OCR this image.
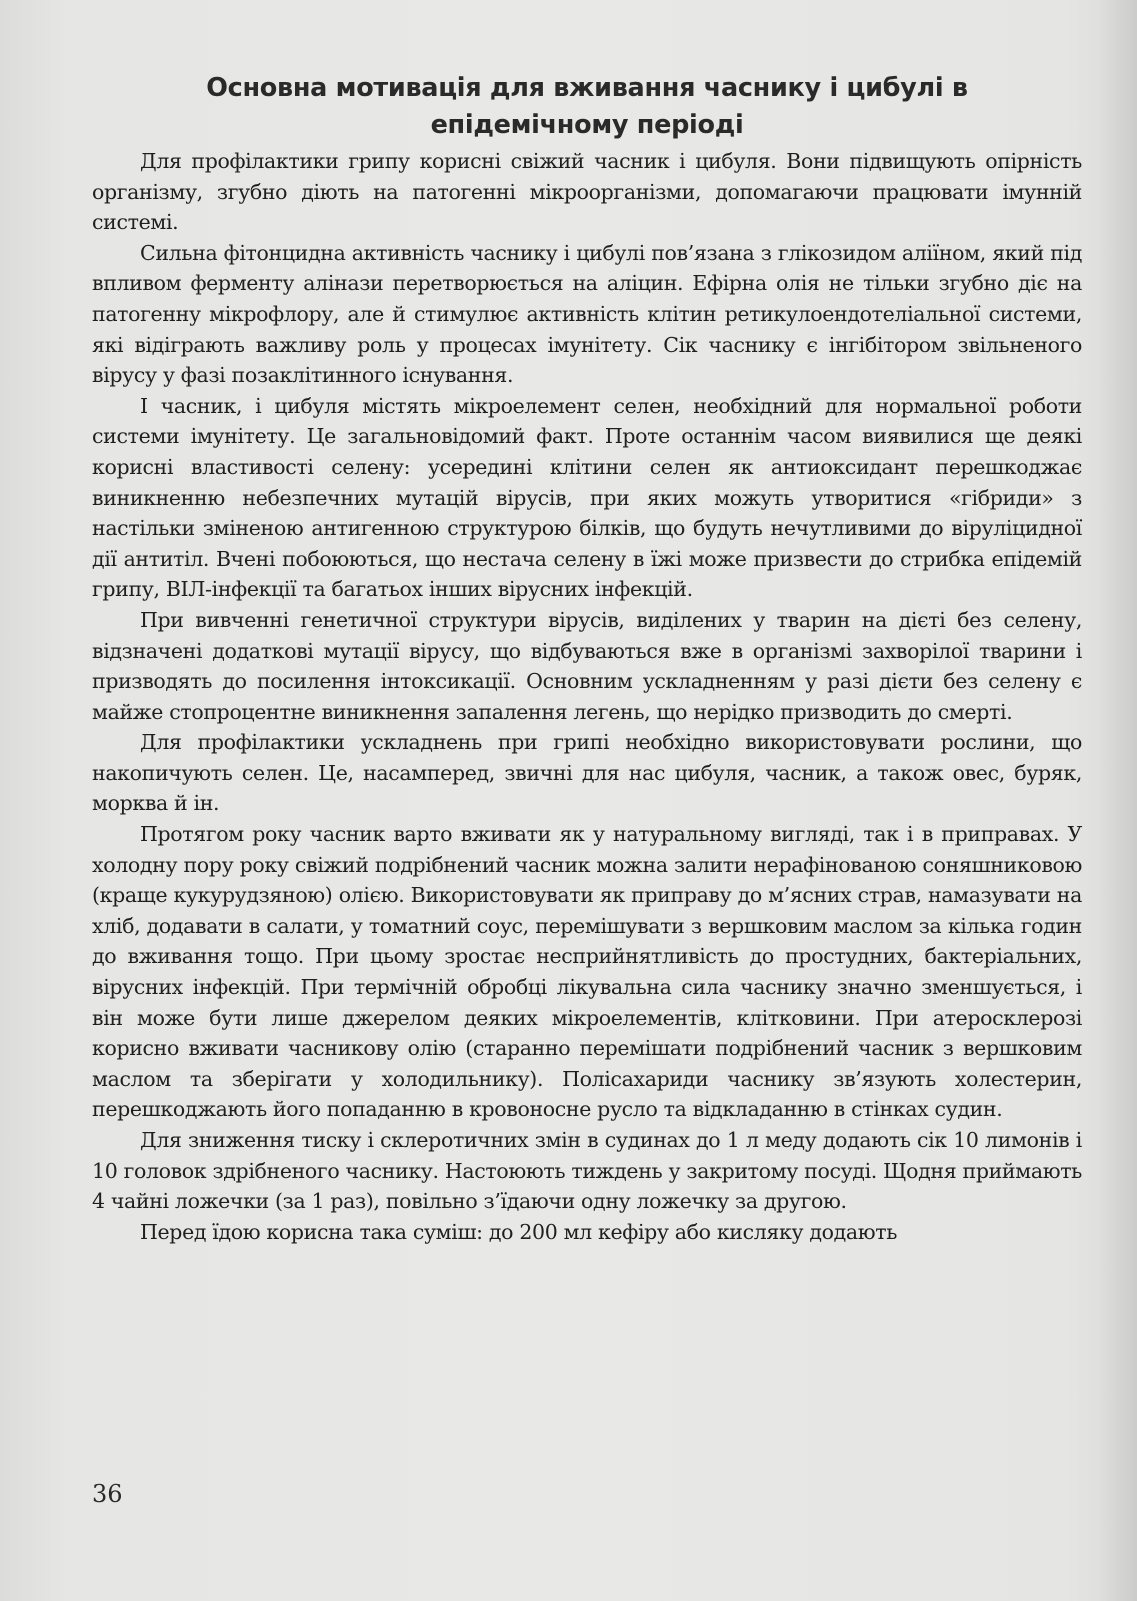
Основна мотивація для вживання часнику і цибулі в
епідемічному періоді

Для профілактики грипу корисні свіжий часник і цибуля. Вони підвищують опірність організму, згубно діють на патогенні мікроорганізми, допомагаючи працювати імунній системі.

Сильна фітонцидна активність часнику і цибулі пов’язана з глікозидом аліїном, який під впливом ферменту алінази перетворюється на аліцин. Ефірна олія не тільки згубно діє на патогенну мікрофлору, але й стимулює активність клітин ретикулоендотеліальної системи, які відіграють важливу роль у процесах імунітету. Сік часнику є інгібітором звільненого вірусу у фазі позаклітинного існування.

І часник, і цибуля містять мікроелемент селен, необхідний для нормальної роботи системи імунітету. Це загальновідомий факт. Проте останнім часом виявилися ще деякі корисні властивості селену: усередині клітини селен як антиоксидант перешкоджає виникненню небезпечних мутацій вірусів, при яких можуть утворитися «гібриди» з настільки зміненою антигенною структурою білків, що будуть нечутливими до віруліцидної дії антитіл. Вчені побоюються, що нестача селену в їжі може призвести до стрибка епідемій грипу, ВІЛ-інфекції та багатьох інших вірусних інфекцій.

При вивченні генетичної структури вірусів, виділених у тварин на дієті без селену, відзначені додаткові мутації вірусу, що відбуваються вже в організмі захворілої тварини і призводять до посилення інтоксикації. Основним ускладненням у разі дієти без селену є майже стопроцентне виникнення запалення легень, що нерідко призводить до смерті.

Для профілактики ускладнень при грипі необхідно використовувати рослини, що накопичують селен. Це, насамперед, звичні для нас цибуля, часник, а також овес, буряк, морква й ін.

Протягом року часник варто вживати як у натуральному вигляді, так і в приправах. У холодну пору року свіжий подрібнений часник можна залити нерафінованою соняшниковою (краще кукурудзяною) олією. Використовувати як приправу до м’ясних страв, намазувати на хліб, додавати в салати, у томатний соус, перемішувати з вершковим маслом за кілька годин до вживання тощо. При цьому зростає несприйнятливість до простудних, бактеріальних, вірусних інфекцій. При термічній обробці лікувальна сила часнику значно зменшується, і він може бути лише джерелом деяких мікроелементів, клітковини. При атеросклерозі корисно вживати часникову олію (старанно перемішати подрібнений часник з вершковим маслом та зберігати у холодильнику). Полісахариди часнику зв’язують холестерин, перешкоджають його попаданню в кровоносне русло та відкладанню в стінках судин.

Для зниження тиску і склеротичних змін в судинах до 1 л меду додають сік 10 лимонів і 10 головок здрібненого часнику. Настоюють тиждень у закритому посуді. Щодня приймають 4 чайні ложечки (за 1 раз), повільно з’їдаючи одну ложечку за другою.

Перед їдою корисна така суміш: до 200 мл кефіру або кисляку додають

36
